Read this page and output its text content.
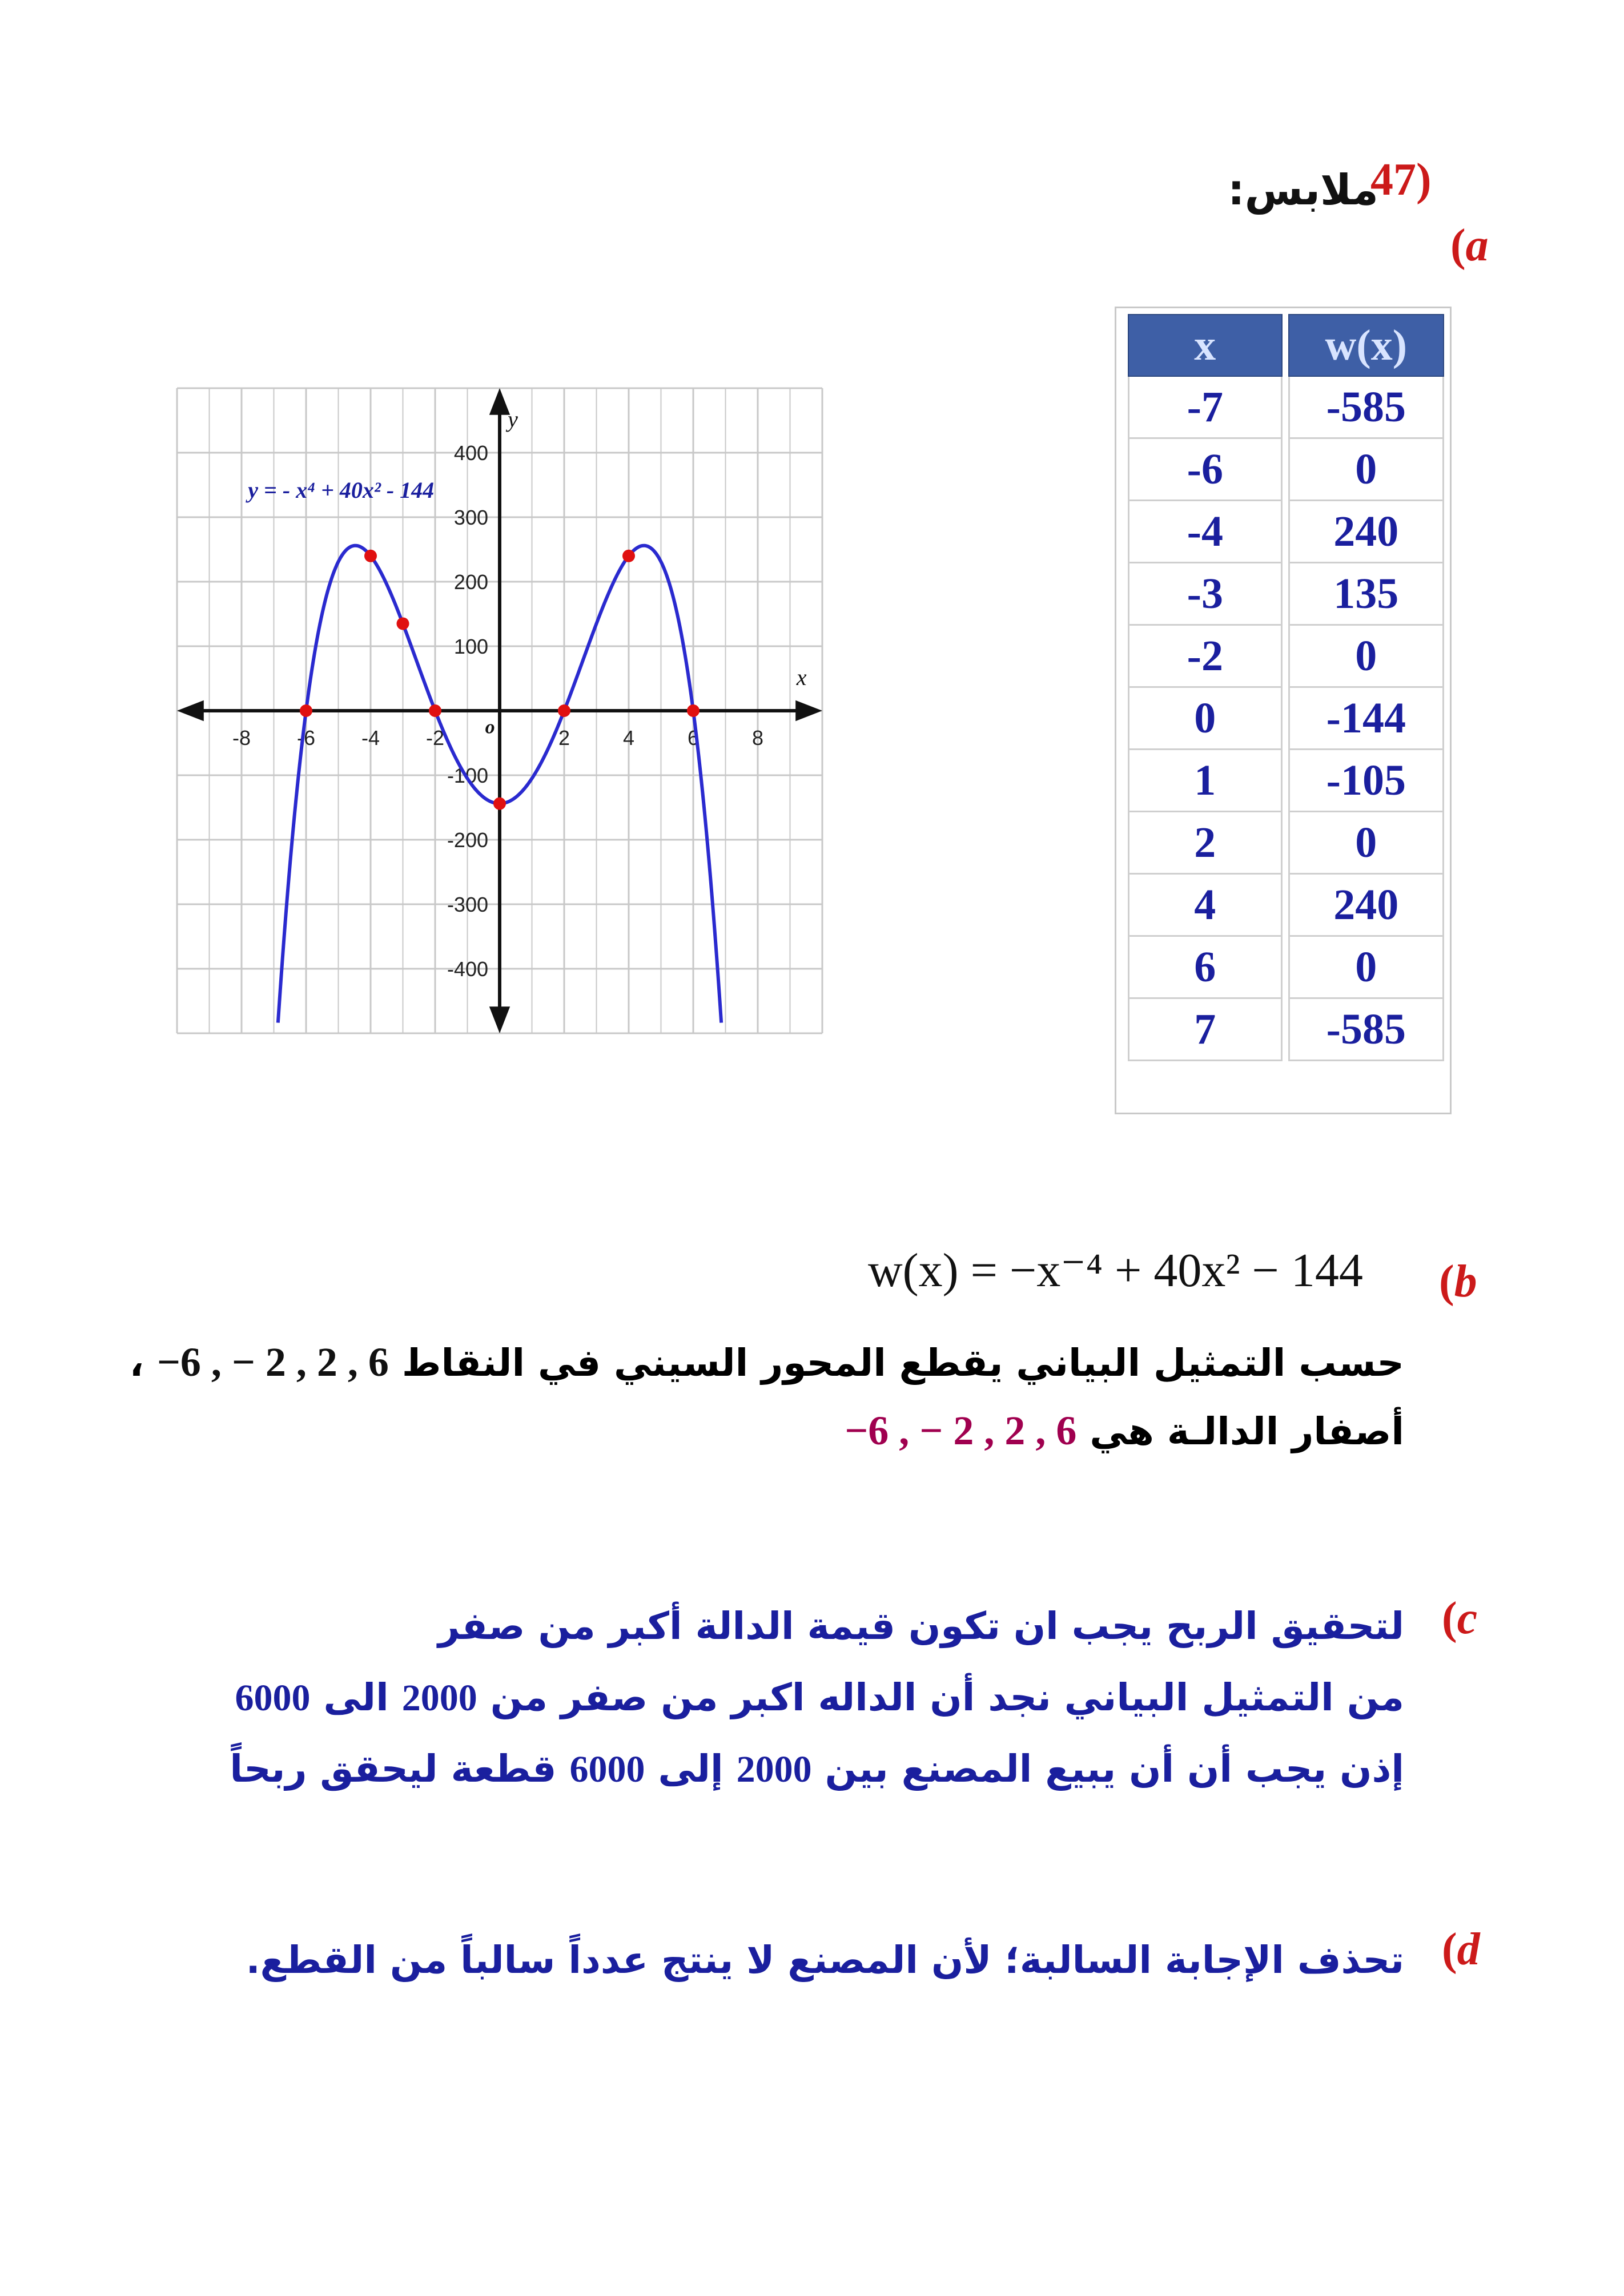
47)
ملابس:
(a
-8 -6 -4 -2	2	4	6	8
-400
-300
-200
-100
100
200
300
400
y = - x⁴ + 40x² - 144
x
y
o
x	w(x)
-7	-585
-6	0
-4	240
-3	135
-2	0
0	-144
1	-105
2	0
4	240
6	0
7	-585
(b
w(x) = −x⁻⁴ + 40x² − 144
حسب التمثيل البياني يقطع المحور السيني في النقاط 6 , 2 , 2 − , 6− ،
أصفار الدالـة هي 6 , 2 , 2 − , 6−
(c
لتحقيق الربح يجب ان تكون قيمة الدالة أكبر من صفر
من التمثيل البياني نجد أن الداله اكبر من صفر من 2000 الى 6000
إذن يجب أن أن يبيع المصنع بين 2000 إلى 6000 قطعة ليحقق ربحاً
(d
تحذف الإجابة السالبة؛ لأن المصنع لا ينتج عدداً سالباً من القطع.
